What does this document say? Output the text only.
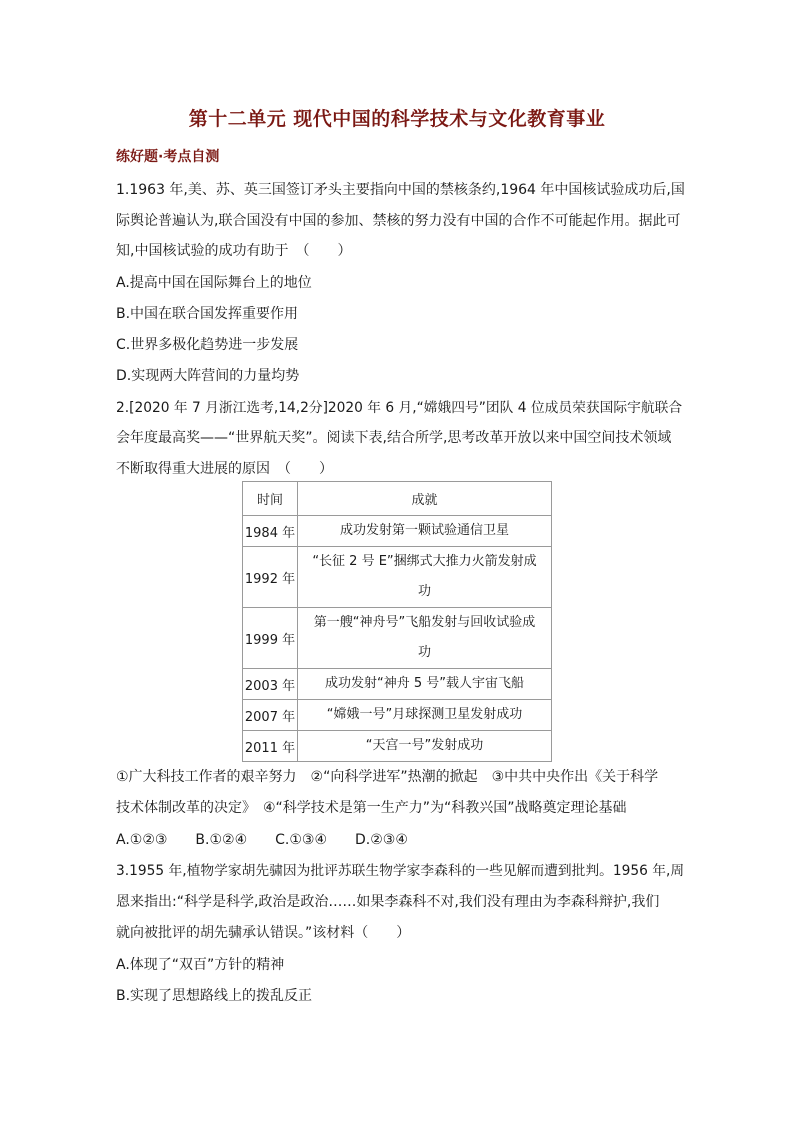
第十二单元 现代中国的科学技术与文化教育事业
练好题·考点自测
1.1963 年,美、苏、英三国签订矛头主要指向中国的禁核条约,1964 年中国核试验成功后,国
际舆论普遍认为,联合国没有中国的参加、禁核的努力没有中国的合作不可能起作用。据此可
知,中国核试验的成功有助于　（　　）
A.提高中国在国际舞台上的地位
B.中国在联合国发挥重要作用
C.世界多极化趋势进一步发展
D.实现两大阵营间的力量均势
2.[2020 年 7 月浙江选考,14,2分]2020 年 6 月,“嫦娥四号”团队 4 位成员荣获国际宇航联合
会年度最高奖——“世界航天奖”。阅读下表,结合所学,思考改革开放以来中国空间技术领域
不断取得重大进展的原因　（　　）
时间	成就
1984 年	成功发射第一颗试验通信卫星

1992 年	“长征 2 号 E”捆绑式大推力火箭发射成
功

1999 年	第一艘“神舟号”飞船发射与回收试验成
功

2003 年	成功发射“神舟 5 号”载人宇宙飞船

2007 年	“嫦娥一号”月球探测卫星发射成功

2011 年	“天宫一号”发射成功
①广大科技工作者的艰辛努力　②“向科学进军”热潮的掀起　③中共中央作出《关于科学
技术体制改革的决定》　④“科学技术是第一生产力”为“科教兴国”战略奠定理论基础
A.①②③　　B.①②④　　C.①③④　　D.②③④
3.1955 年,植物学家胡先骕因为批评苏联生物学家李森科的一些见解而遭到批判。1956 年,周
恩来指出:“科学是科学,政治是政治……如果李森科不对,我们没有理由为李森科辩护,我们
就向被批评的胡先骕承认错误。”该材料（　　）
A.体现了“双百”方针的精神
B.实现了思想路线上的拨乱反正
